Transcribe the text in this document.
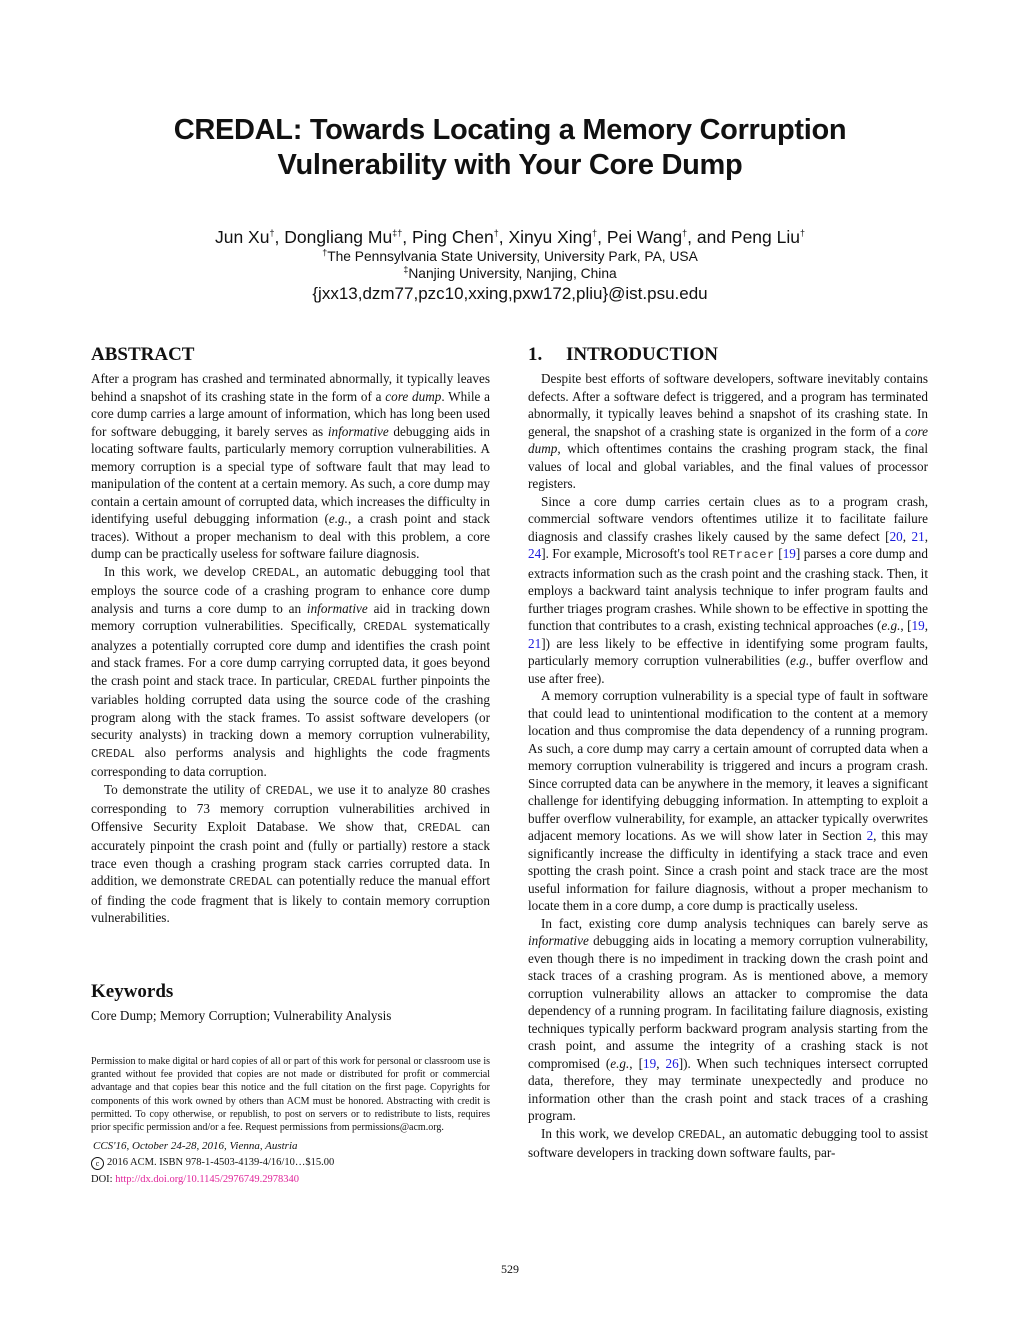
CREDAL: Towards Locating a Memory Corruption
Vulnerability with Your Core Dump
Jun Xu†, Dongliang Mu‡†, Ping Chen†, Xinyu Xing†, Pei Wang†, and Peng Liu†
†The Pennsylvania State University, University Park, PA, USA
‡Nanjing University, Nanjing, China
{jxx13,dzm77,pzc10,xxing,pxw172,pliu}@ist.psu.edu
ABSTRACT

After a program has crashed and terminated abnormally, it typically leaves behind a snapshot of its crashing state in the form of a core dump. While a core dump carries a large amount of information, which has long been used for software debugging, it barely serves as informative debugging aids in locating software faults, particularly memory corruption vulnerabilities. A memory corruption is a special type of software fault that may lead to manipulation of the content at a certain memory. As such, a core dump may contain a certain amount of corrupted data, which increases the difficulty in identifying useful debugging information (e.g., a crash point and stack traces). Without a proper mechanism to deal with this problem, a core dump can be practically useless for software failure diagnosis.

In this work, we develop CREDAL, an automatic debugging tool that employs the source code of a crashing program to enhance core dump analysis and turns a core dump to an informative aid in tracking down memory corruption vulnerabilities. Specifically, CREDAL systematically analyzes a potentially corrupted core dump and identifies the crash point and stack frames. For a core dump carrying corrupted data, it goes beyond the crash point and stack trace. In particular, CREDAL further pinpoints the variables holding corrupted data using the source code of the crashing program along with the stack frames. To assist software developers (or security analysts) in tracking down a memory corruption vulnerability, CREDAL also performs analysis and highlights the code fragments corresponding to data corruption.

To demonstrate the utility of CREDAL, we use it to analyze 80 crashes corresponding to 73 memory corruption vulnerabilities archived in Offensive Security Exploit Database. We show that, CREDAL can accurately pinpoint the crash point and (fully or partially) restore a stack trace even though a crashing program stack carries corrupted data. In addition, we demonstrate CREDAL can potentially reduce the manual effort of finding the code fragment that is likely to contain memory corruption vulnerabilities.

Keywords

Core Dump; Memory Corruption; Vulnerability Analysis

Permission to make digital or hard copies of all or part of this work for personal or classroom use is granted without fee provided that copies are not made or distributed for profit or commercial advantage and that copies bear this notice and the full citation on the first page. Copyrights for components of this work owned by others than ACM must be honored. Abstracting with credit is permitted. To copy otherwise, or republish, to post on servers or to redistribute to lists, requires prior specific permission and/or a fee. Request permissions from permissions@acm.org.

CCS'16, October 24-28, 2016, Vienna, Austria

c 2016 ACM. ISBN 978-1-4503-4139-4/16/10…$15.00

DOI: http://dx.doi.org/10.1145/2976749.2978340

1. INTRODUCTION

Despite best efforts of software developers, software inevitably contains defects. After a software defect is triggered, and a program has terminated abnormally, it typically leaves behind a snapshot of its crashing state. In general, the snapshot of a crashing state is organized in the form of a core dump, which oftentimes contains the crashing program stack, the final values of local and global variables, and the final values of processor registers.

Since a core dump carries certain clues as to a program crash, commercial software vendors oftentimes utilize it to facilitate failure diagnosis and classify crashes likely caused by the same defect [20, 21, 24]. For example, Microsoft's tool RETracer [19] parses a core dump and extracts information such as the crash point and the crashing stack. Then, it employs a backward taint analysis technique to infer program faults and further triages program crashes. While shown to be effective in spotting the function that contributes to a crash, existing technical approaches (e.g., [19, 21]) are less likely to be effective in identifying some program faults, particularly memory corruption vulnerabilities (e.g., buffer overflow and use after free).

A memory corruption vulnerability is a special type of fault in software that could lead to unintentional modification to the content at a memory location and thus compromise the data dependency of a running program. As such, a core dump may carry a certain amount of corrupted data when a memory corruption vulnerability is triggered and incurs a program crash. Since corrupted data can be anywhere in the memory, it leaves a significant challenge for identifying debugging information. In attempting to exploit a buffer overflow vulnerability, for example, an attacker typically overwrites adjacent memory locations. As we will show later in Section 2, this may significantly increase the difficulty in identifying a stack trace and even spotting the crash point. Since a crash point and stack trace are the most useful information for failure diagnosis, without a proper mechanism to locate them in a core dump, a core dump is practically useless.

In fact, existing core dump analysis techniques can barely serve as informative debugging aids in locating a memory corruption vulnerability, even though there is no impediment in tracking down the crash point and stack traces of a crashing program. As is mentioned above, a memory corruption vulnerability allows an attacker to compromise the data dependency of a running program. In facilitating failure diagnosis, existing techniques typically perform backward program analysis starting from the crash point, and assume the integrity of a crashing stack is not compromised (e.g., [19, 26]). When such techniques intersect corrupted data, therefore, they may terminate unexpectedly and produce no information other than the crash point and stack traces of a crashing program.

In this work, we develop CREDAL, an automatic debugging tool to assist software developers in tracking down software faults, par-

529
